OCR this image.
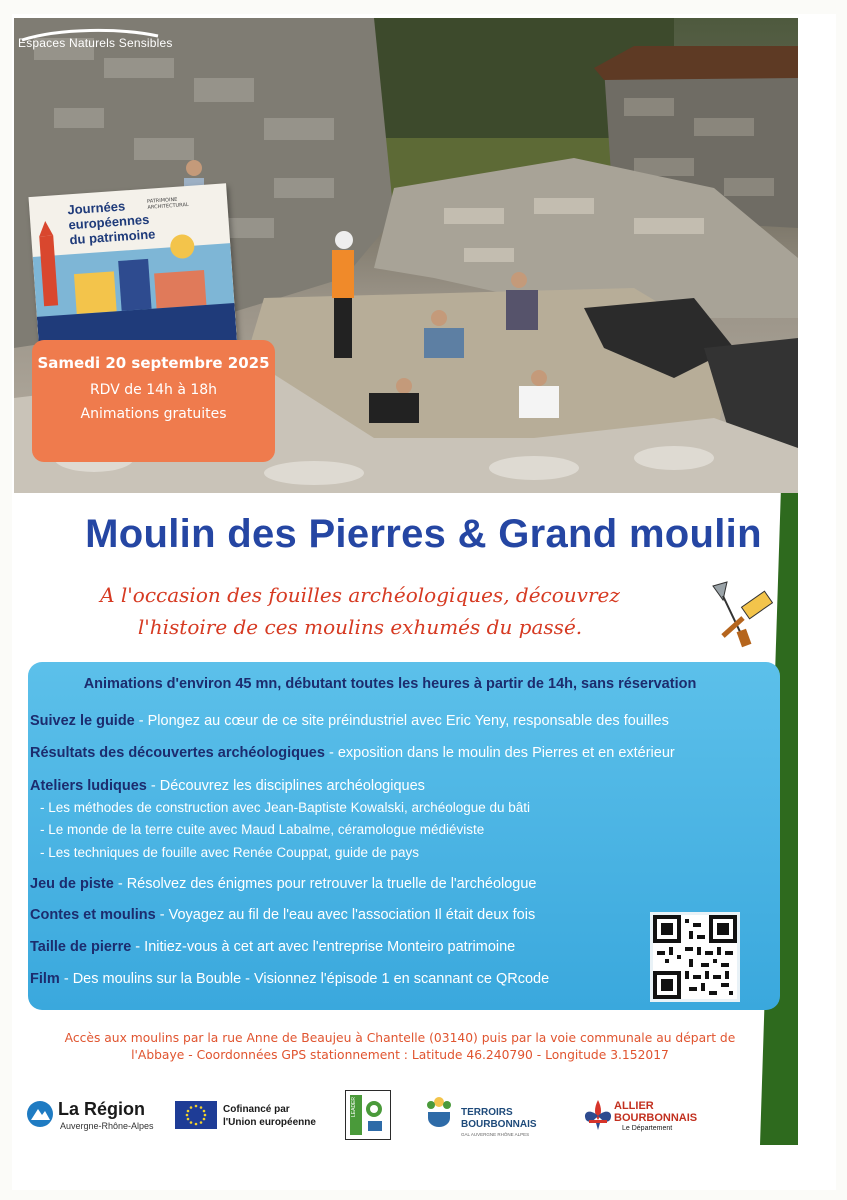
Espaces Naturels Sensibles
Journées
européennes
du patrimoine
PATRIMOINE ARCHITECTURAL
Samedi 20 septembre 2025
RDV de 14h à 18h
Animations gratuites
Moulin des Pierres & Grand moulin
A l'occasion des fouilles archéologiques, découvrez
l'histoire de ces moulins exhumés du passé.
Animations d'environ 45 mn, débutant toutes les heures à partir de 14h, sans réservation
Suivez le guide - Plongez au cœur de ce site préindustriel avec Eric Yeny, responsable des fouilles
Résultats des découvertes archéologiques - exposition dans le moulin des Pierres et en extérieur
Ateliers ludiques - Découvrez les disciplines archéologiques
- Les méthodes de construction avec Jean-Baptiste Kowalski, archéologue du bâti
- Le monde de la terre cuite avec Maud Labalme, céramologue médiéviste
- Les techniques de fouille avec Renée Couppat, guide de pays
Jeu de piste - Résolvez des énigmes pour retrouver la truelle de l'archéologue
Contes et moulins - Voyagez au fil de l'eau avec l'association Il était deux fois
Taille de pierre - Initiez-vous à cet art avec l'entreprise Monteiro patrimoine
Film - Des moulins sur la Bouble - Visionnez l'épisode 1 en scannant ce QRcode
Accès aux moulins par la rue Anne de Beaujeu à Chantelle (03140) puis par la voie communale au départ de
l'Abbaye - Coordonnées GPS stationnement : Latitude 46.240790 - Longitude 3.152017
La Région
Auvergne-Rhône-Alpes
Cofinancé par
l'Union européenne
LEADER	TERROIRS
BOURBONNAIS
GAL AUVERGNE RHÔNE ALPES
ALLIER
BOURBONNAIS
Le Département
